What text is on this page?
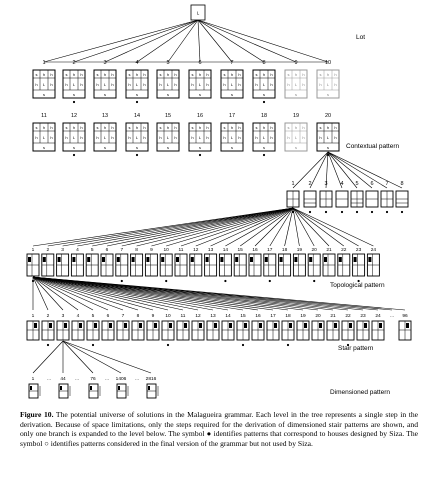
s h h
h L h
s
s h h
h L h
s
s h h
h L h
s
s h h
h L h
s
s h h
h L h
s
s h h
h L h
s
s h h
h L h
s
s h h
h L h
s
s h h
h L h
s
s h h
h L h
s
s h h
h L h
s
s h h
h L h
s
s h h
h L h
s
s h h
h L h
s
s h h
h L h
s
s h h
h L h
s
s h h
h L h
s
s h h
h L h
s
s h h
h L h
s
s h h
h L h
s
L
1
11
2
12
3
13
4
14
5
15
6
16
7
17
8
18
9
19
10
20
1	2 3 4 5 6 7 8
1	2	3	4	5	6	7	8	9 10 11 12 13 14 15 16 17 18 19 20 21 22 23 24
1	2	3	4	5	6	7	8	9 10 11 12 13 14 15 16 17 18 19 20 21 22 23 24 ... 96
1	... 44 ... 76 ... 1406 ... 2816
Lot
Contextual pattern
Topological pattern
Stair pattern
Dimensioned pattern
Figure 10. The potential universe of solutions in the Malagueira grammar. Each level in the tree represents a single step in the derivation. Because of space limitations, only the steps required for the derivation of dimensioned stair patterns are shown, and only one branch is expanded to the level below. The symbol ● identifies patterns that correspond to houses designed by Siza. The symbol ○ identifies patterns considered in the final version of the grammar but not used by Siza.
